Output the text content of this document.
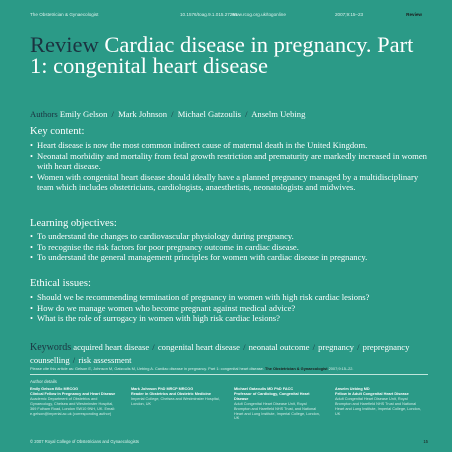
The Obstetrician & Gynaecologist	10.1576/toag.9.1.015.27291
www.rcog.org.uk/togonline	2007;9:15–23	Review
Review Cardiac disease in pregnancy. Part 1: congenital heart disease
Authors Emily Gelson / Mark Johnson / Michael Gatzoulis / Anselm Uebing
Key content:
• Heart disease is now the most common indirect cause of maternal death in the United Kingdom.
• Neonatal morbidity and mortality from fetal growth restriction and prematurity are markedly increased in women with heart disease.
• Women with congenital heart disease should ideally have a planned pregnancy managed by a multidisciplinary team which includes obstetricians, cardiologists, anaesthetists, neonatologists and midwives.
Learning objectives:
• To understand the changes to cardiovascular physiology during pregnancy.
• To recognise the risk factors for poor pregnancy outcome in cardiac disease.
• To understand the general management principles for women with cardiac disease in pregnancy.
Ethical issues:
• Should we be recommending termination of pregnancy in women with high risk cardiac lesions?
• How do we manage women who become pregnant against medical advice?
• What is the role of surrogacy in women with high risk cardiac lesions?
Keywords acquired heart disease / congenital heart disease / neonatal outcome / pregnancy / prepregnancy counselling / risk assessment
Please cite this article as: Gelson E, Johnson M, Gatzoulis M, Uebing A. Cardiac disease in pregnancy. Part 1: congenital heart disease. The Obstetrician & Gynaecologist 2007;9:15–22.
Author details
Emily Gelson BSc MRCOG
Clinical Fellow in Pregnancy and Heart Disease
Academic Department of Obstetrics and Gynaecology, Chelsea and Westminster Hospital, 369 Fulham Road, London SW10 9NH, UK. Email: e.gelson@imperial.ac.uk (corresponding author)
Mark Johnson PhD MRCP MRCOG
Reader in Obstetrics and Obstetric Medicine
Imperial College, Chelsea and Westminster Hospital, London, UK
Michael Gatzoulis MD PhD FACC
Professor of Cardiology, Congenital Heart Disease
Adult Congenital Heart Disease Unit, Royal Brompton and Harefield NHS Trust, and National Heart and Lung Institute, Imperial College, London, UK
Anselm Uebing MD
Fellow in Adult Congenital Heart Disease
Adult Congenital Heart Disease Unit, Royal Brompton and Harefield NHS Trust and National Heart and Lung Institute, Imperial College, London, UK
© 2007 Royal College of Obstetricians and Gynaecologists	15
